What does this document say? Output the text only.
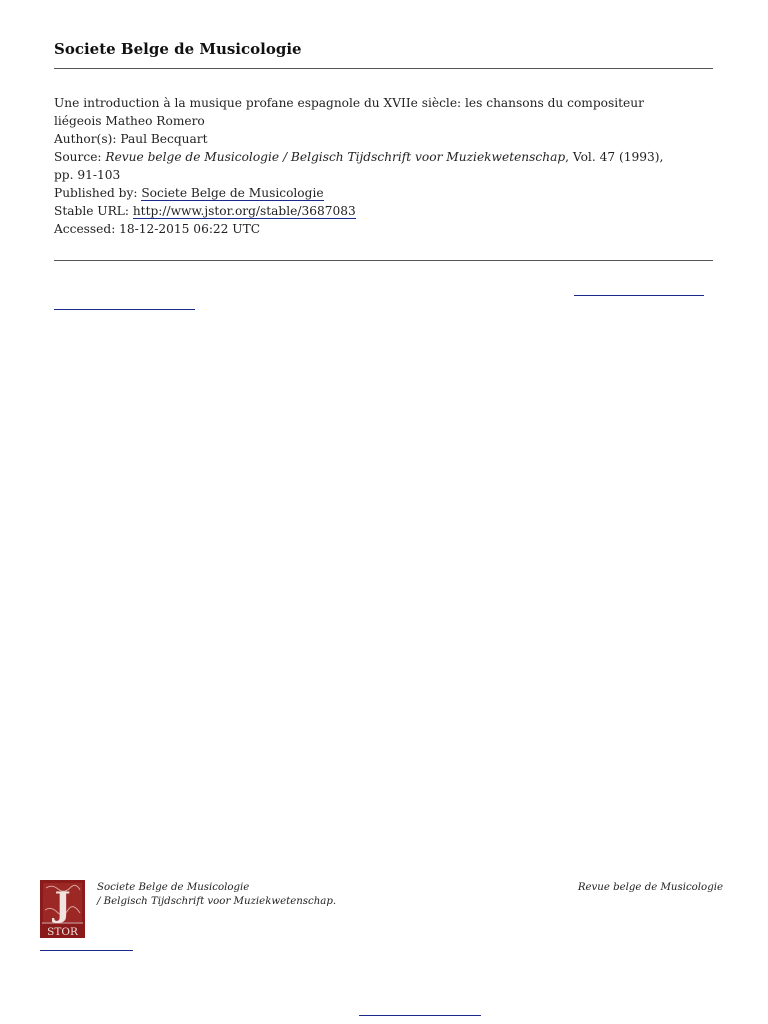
Societe Belge de Musicologie
Une introduction à la musique profane espagnole du XVIIe siècle: les chansons du compositeur
liégeois Matheo Romero
Author(s): Paul Becquart
Source: Revue belge de Musicologie / Belgisch Tijdschrift voor Muziekwetenschap, Vol. 47 (1993),
pp. 91-103
Published by: Societe Belge de Musicologie
Stable URL: http://www.jstor.org/stable/3687083
Accessed: 18-12-2015 06:22 UTC
J
STOR
Societe Belge de Musicologie
/ Belgisch Tijdschrift voor Muziekwetenschap.
Revue belge de Musicologie
